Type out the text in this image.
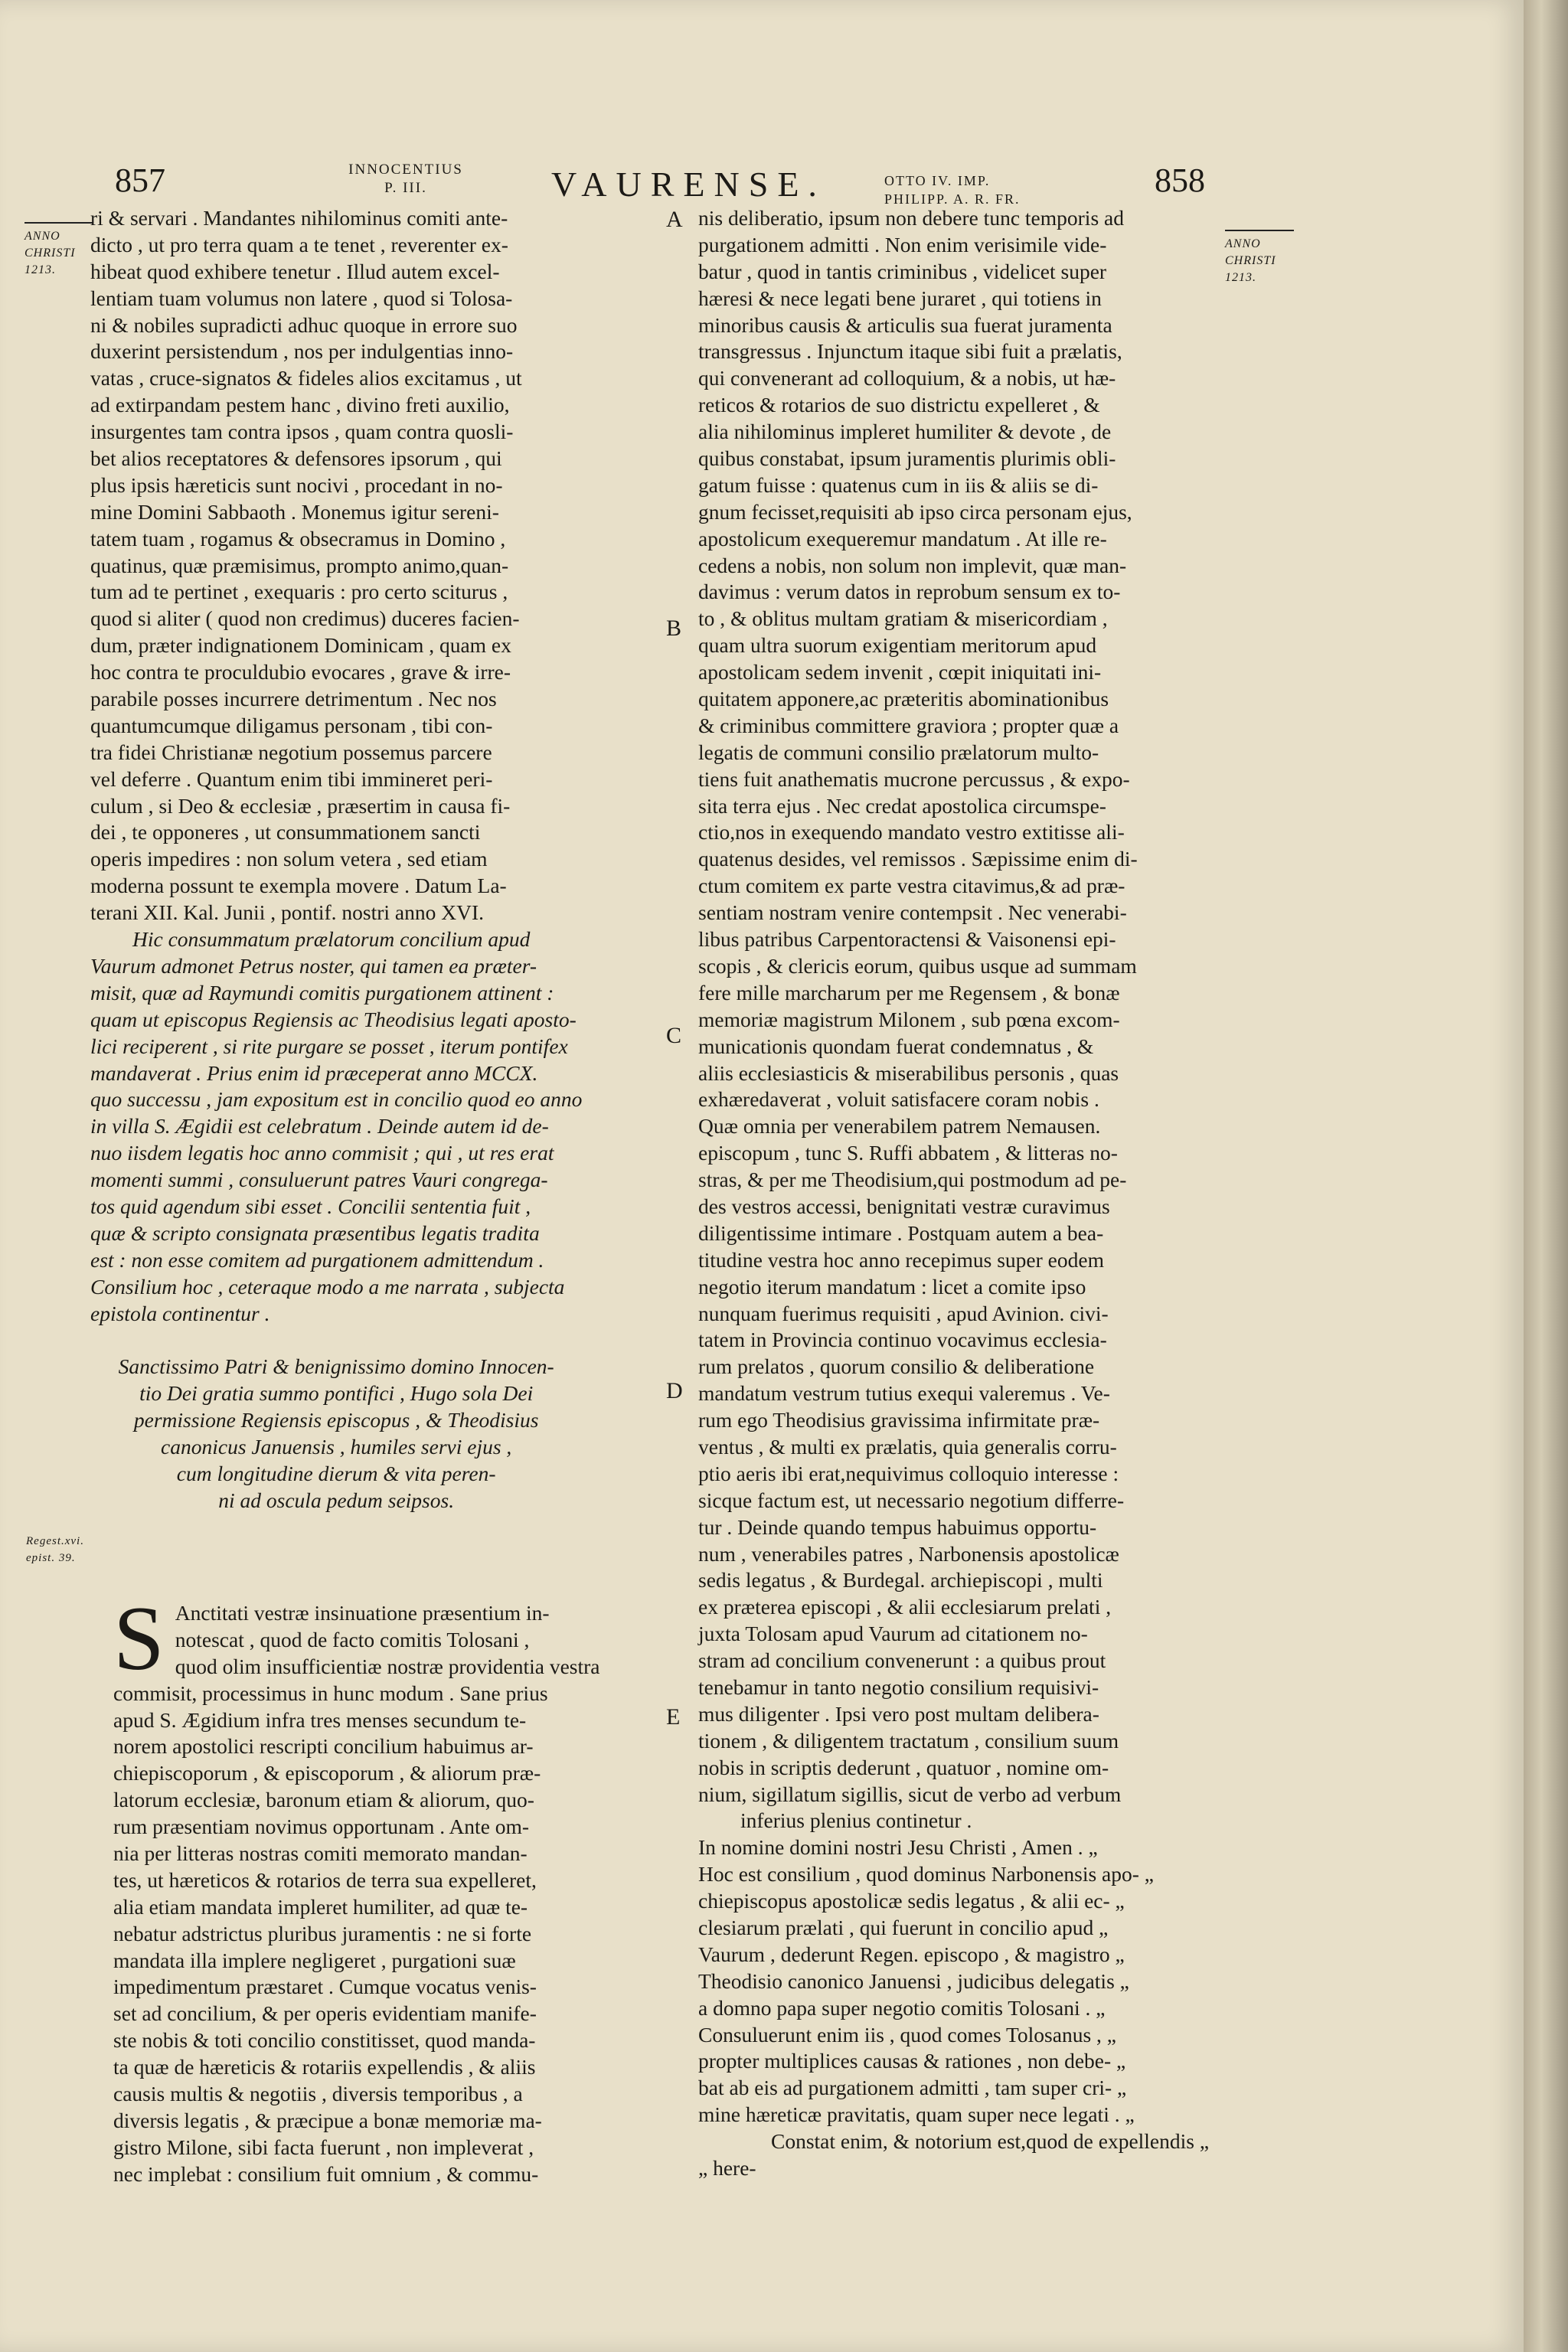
857	INNOCENTIUS
P. III.	VAURENSE.	OTTO IV. IMP.
PHILIPP. A. R. FR.	858
ANNO
CHRISTI
1213.
ANNO
CHRISTI
1213.
Regest.xvi.
epist. 39.
A
B
C
D
E
ri & servari . Mandantes nihilominus comiti ante-
dicto , ut pro terra quam a te tenet , reverenter ex-
hibeat quod exhibere tenetur . Illud autem excel-
lentiam tuam volumus non latere , quod si Tolosa-
ni & nobiles supradicti adhuc quoque in errore suo
duxerint persistendum , nos per indulgentias inno-
vatas , cruce-signatos & fideles alios excitamus , ut
ad extirpandam pestem hanc , divino freti auxilio,
insurgentes tam contra ipsos , quam contra quosli-
bet alios receptatores & defensores ipsorum , qui
plus ipsis hæreticis sunt nocivi , procedant in no-
mine Domini Sabbaoth . Monemus igitur sereni-
tatem tuam , rogamus & obsecramus in Domino ,
quatinus, quæ præmisimus, prompto animo,quan-
tum ad te pertinet , exequaris : pro certo sciturus ,
quod si aliter ( quod non credimus) duceres facien-
dum, præter indignationem Dominicam , quam ex
hoc contra te proculdubio evocares , grave & irre-
parabile posses incurrere detrimentum . Nec nos
quantumcumque diligamus personam , tibi con-
tra fidei Christianæ negotium possemus parcere
vel deferre . Quantum enim tibi immineret peri-
culum , si Deo & ecclesiæ , præsertim in causa fi-
dei , te opponeres , ut consummationem sancti
operis impedires : non solum vetera , sed etiam
moderna possunt te exempla movere . Datum La-
terani XII. Kal. Junii , pontif. nostri anno XVI.
Hic consummatum prælatorum concilium apud
Vaurum admonet Petrus noster, qui tamen ea præter-
misit, quæ ad Raymundi comitis purgationem attinent :
quam ut episcopus Regiensis ac Theodisius legati aposto-
lici reciperent , si rite purgare se posset , iterum pontifex
mandaverat . Prius enim id præceperat anno MCCX.
quo successu , jam expositum est in concilio quod eo anno
in villa S. Ægidii est celebratum . Deinde autem id de-
nuo iisdem legatis hoc anno commisit ; qui , ut res erat
momenti summi , consuluerunt patres Vauri congrega-
tos quid agendum sibi esset . Concilii sententia fuit ,
quæ & scripto consignata præsentibus legatis tradita
est : non esse comitem ad purgationem admittendum .
Consilium hoc , ceteraque modo a me narrata , subjecta
epistola continentur .
Sanctissimo Patri & benignissimo domino Innocen-
tio Dei gratia summo pontifici , Hugo sola Dei
permissione Regiensis episcopus , & Theodisius
canonicus Januensis , humiles servi ejus ,
cum longitudine dierum & vita peren-
ni ad oscula pedum seipsos.
S Anctitati vestræ insinuatione præsentium in-
notescat , quod de facto comitis Tolosani ,
quod olim insufficientiæ nostræ providentia vestra
commisit, processimus in hunc modum . Sane prius
apud S. Ægidium infra tres menses secundum te-
norem apostolici rescripti concilium habuimus ar-
chiepiscoporum , & episcoporum , & aliorum præ-
latorum ecclesiæ, baronum etiam & aliorum, quo-
rum præsentiam novimus opportunam . Ante om-
nia per litteras nostras comiti memorato mandan-
tes, ut hæreticos & rotarios de terra sua expelleret,
alia etiam mandata impleret humiliter, ad quæ te-
nebatur adstrictus pluribus juramentis : ne si forte
mandata illa implere negligeret , purgationi suæ
impedimentum præstaret . Cumque vocatus venis-
set ad concilium, & per operis evidentiam manife-
ste nobis & toti concilio constitisset, quod manda-
ta quæ de hæreticis & rotariis expellendis , & aliis
causis multis & negotiis , diversis temporibus , a
diversis legatis , & præcipue a bonæ memoriæ ma-
gistro Milone, sibi facta fuerunt , non impleverat ,
nec implebat : consilium fuit omnium , & commu-
nis deliberatio, ipsum non debere tunc temporis ad
purgationem admitti . Non enim verisimile vide-
batur , quod in tantis criminibus , videlicet super
hæresi & nece legati bene juraret , qui totiens in
minoribus causis & articulis sua fuerat juramenta
transgressus . Injunctum itaque sibi fuit a prælatis,
qui convenerant ad colloquium, & a nobis, ut hæ-
reticos & rotarios de suo districtu expelleret , &
alia nihilominus impleret humiliter & devote , de
quibus constabat, ipsum juramentis plurimis obli-
gatum fuisse : quatenus cum in iis & aliis se di-
gnum fecisset,requisiti ab ipso circa personam ejus,
apostolicum exequeremur mandatum . At ille re-
cedens a nobis, non solum non implevit, quæ man-
davimus : verum datos in reprobum sensum ex to-
to , & oblitus multam gratiam & misericordiam ,
quam ultra suorum exigentiam meritorum apud
apostolicam sedem invenit , cœpit iniquitati ini-
quitatem apponere,ac præteritis abominationibus
& criminibus committere graviora ; propter quæ a
legatis de communi consilio prælatorum multo-
tiens fuit anathematis mucrone percussus , & expo-
sita terra ejus . Nec credat apostolica circumspe-
ctio,nos in exequendo mandato vestro extitisse ali-
quatenus desides, vel remissos . Sæpissime enim di-
ctum comitem ex parte vestra citavimus,& ad præ-
sentiam nostram venire contempsit . Nec venerabi-
libus patribus Carpentoractensi & Vaisonensi epi-
scopis , & clericis eorum, quibus usque ad summam
fere mille marcharum per me Regensem , & bonæ
memoriæ magistrum Milonem , sub pœna excom-
municationis quondam fuerat condemnatus , &
aliis ecclesiasticis & miserabilibus personis , quas
exhæredaverat , voluit satisfacere coram nobis .
Quæ omnia per venerabilem patrem Nemausen.
episcopum , tunc S. Ruffi abbatem , & litteras no-
stras, & per me Theodisium,qui postmodum ad pe-
des vestros accessi, benignitati vestræ curavimus
diligentissime intimare . Postquam autem a bea-
titudine vestra hoc anno recepimus super eodem
negotio iterum mandatum : licet a comite ipso
nunquam fuerimus requisiti , apud Avinion. civi-
tatem in Provincia continuo vocavimus ecclesia-
rum prelatos , quorum consilio & deliberatione
mandatum vestrum tutius exequi valeremus . Ve-
rum ego Theodisius gravissima infirmitate præ-
ventus , & multi ex prælatis, quia generalis corru-
ptio aeris ibi erat,nequivimus colloquio interesse :
sicque factum est, ut necessario negotium differre-
tur . Deinde quando tempus habuimus opportu-
num , venerabiles patres , Narbonensis apostolicæ
sedis legatus , & Burdegal. archiepiscopi , multi
ex præterea episcopi , & alii ecclesiarum prelati ,
juxta Tolosam apud Vaurum ad citationem no-
stram ad concilium convenerunt : a quibus prout
tenebamur in tanto negotio consilium requisivi-
mus diligenter . Ipsi vero post multam delibera-
tionem , & diligentem tractatum , consilium suum
nobis in scriptis dederunt , quatuor , nomine om-
nium, sigillatum sigillis, sicut de verbo ad verbum
inferius plenius continetur .
In nomine domini nostri Jesu Christi , Amen . „
Hoc est consilium , quod dominus Narbonensis apo- „
chiepiscopus apostolicæ sedis legatus , & alii ec- „
clesiarum prælati , qui fuerunt in concilio apud „
Vaurum , dederunt Regen. episcopo , & magistro „
Theodisio canonico Januensi , judicibus delegatis „
a domno papa super negotio comitis Tolosani . „
Consuluerunt enim iis , quod comes Tolosanus , „
propter multiplices causas & rationes , non debe- „
bat ab eis ad purgationem admitti , tam super cri- „
mine hæreticæ pravitatis, quam super nece legati . „
Constat enim, & notorium est,quod de expellendis „
„ here-
